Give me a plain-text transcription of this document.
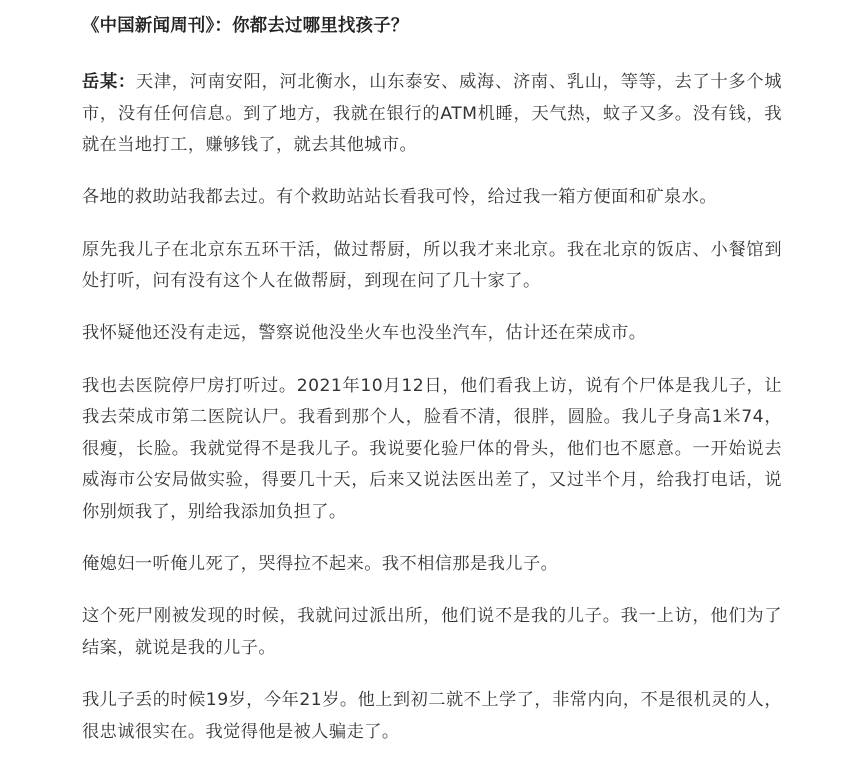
《中国新闻周刊》：你都去过哪里找孩子？

岳某：天津，河南安阳，河北衡水，山东泰安、威海、济南、乳山，等等，去了十多个城市，没有任何信息。到了地方，我就在银行的ATM机睡，天气热，蚊子又多。没有钱，我就在当地打工，赚够钱了，就去其他城市。

各地的救助站我都去过。有个救助站站长看我可怜，给过我一箱方便面和矿泉水。

原先我儿子在北京东五环干活，做过帮厨，所以我才来北京。我在北京的饭店、小餐馆到处打听，问有没有这个人在做帮厨，到现在问了几十家了。

我怀疑他还没有走远，警察说他没坐火车也没坐汽车，估计还在荣成市。

我也去医院停尸房打听过。2021年10月12日，他们看我上访，说有个尸体是我儿子，让我去荣成市第二医院认尸。我看到那个人，脸看不清，很胖，圆脸。我儿子身高1米74，很瘦，长脸。我就觉得不是我儿子。我说要化验尸体的骨头，他们也不愿意。一开始说去威海市公安局做实验，得要几十天，后来又说法医出差了，又过半个月，给我打电话，说你别烦我了，别给我添加负担了。

俺媳妇一听俺儿死了，哭得拉不起来。我不相信那是我儿子。

这个死尸刚被发现的时候，我就问过派出所，他们说不是我的儿子。我一上访，他们为了结案，就说是我的儿子。

我儿子丢的时候19岁，今年21岁。他上到初二就不上学了，非常内向，不是很机灵的人，很忠诚很实在。我觉得他是被人骗走了。
